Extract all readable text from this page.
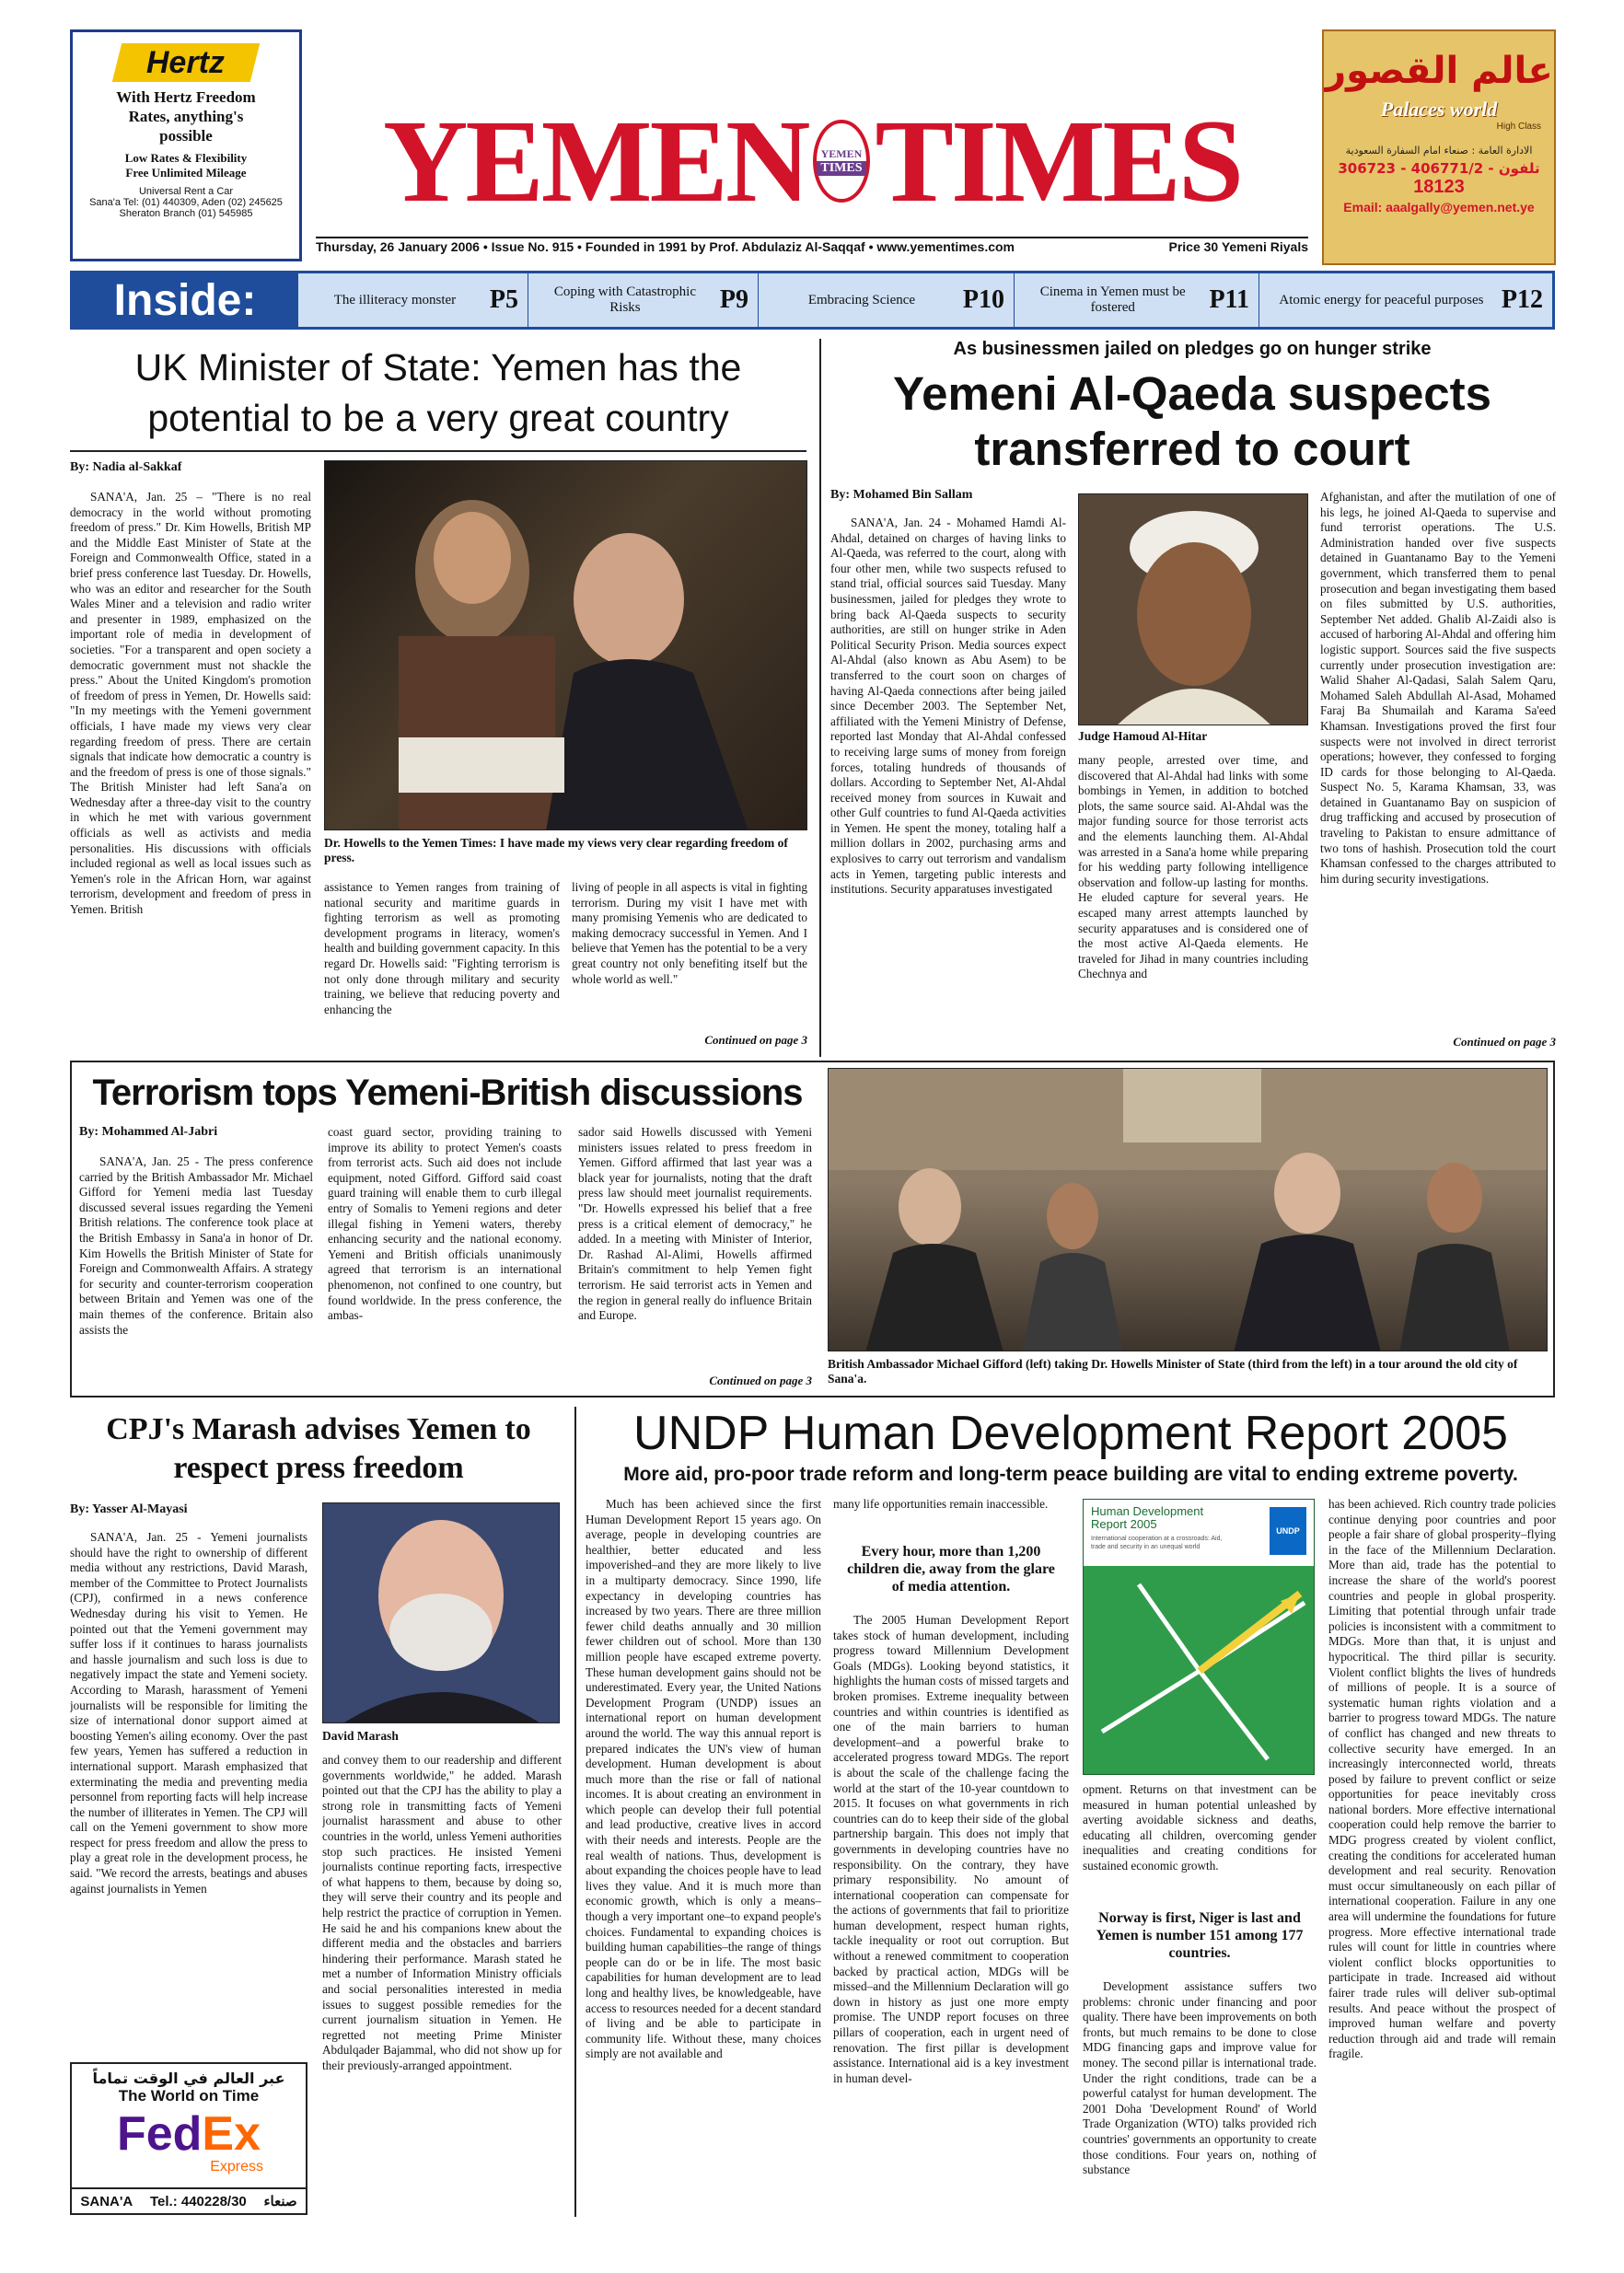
Hertz
With Hertz Freedom Rates, anything's possible
Low Rates & Flexibility Free Unlimited Mileage
Universal Rent a Car
Sana'a Tel: (01) 440309, Aden (02) 245625
Sheraton Branch (01) 545985	YEMEN YEMEN
TIMES TIMES
عالم القصور
Palaces world
High Class
الادارة العامة : صنعاء امام السفارة السعودية
306723 - 406771/2 - تلفون
18123
Email: aaalgally@yemen.net.ye
Thursday, 26 January 2006 • Issue No. 915 • Founded in 1991 by Prof. Abdulaziz Al-Saqqaf • www.yementimes.com	Price 30 Yemeni Riyals
Inside:	The illiteracy monster	P5	Coping with Catastrophic Risks	P9	Embracing Science	P10	Cinema in Yemen must be fostered	P11	Atomic energy for peaceful purposes P12
UK Minister of State: Yemen has the potential to be a very great country
By: Nadia al-Sakkaf

SANA'A, Jan. 25 – "There is no real democracy in the world without promoting freedom of press." Dr. Kim Howells, British MP and the Middle East Minister of State at the Foreign and Commonwealth Office, stated in a brief press conference last Tuesday. Dr. Howells, who was an editor and researcher for the South Wales Miner and a television and radio writer and presenter in 1989, emphasized on the important role of media in development of societies. "For a transparent and open society a democratic government must not shackle the press." About the United Kingdom's promotion of freedom of press in Yemen, Dr. Howells said: "In my meetings with the Yemeni government officials, I have made my views very clear regarding freedom of press. There are certain signals that indicate how democratic a country is and the freedom of press is one of those signals." The British Minister had left Sana'a on Wednesday after a three-day visit to the country in which he met with various government officials as well as activists and media personalities. His discussions with officials included regional as well as local issues such as Yemen's role in the African Horn, war against terrorism, development and freedom of press in Yemen. British

Dr. Howells to the Yemen Times: I have made my views very clear regarding freedom of press.

assistance to Yemen ranges from training of national security and maritime guards in fighting terrorism as well as promoting development programs in literacy, women's health and building government capacity. In this regard Dr. Howells said: "Fighting terrorism is not only done through military and security training, we believe that reducing poverty and enhancing the

living of people in all aspects is vital in fighting terrorism. During my visit I have met with many promising Yemenis who are dedicated to making democracy successful in Yemen. And I believe that Yemen has the potential to be a very great country not only benefiting itself but the whole world as well."

Continued on page 3
As businessmen jailed on pledges go on hunger strike
Yemeni Al-Qaeda suspects transferred to court
By: Mohamed Bin Sallam

SANA'A, Jan. 24 - Mohamed Hamdi Al-Ahdal, detained on charges of having links to Al-Qaeda, was referred to the court, along with four other men, while two suspects refused to stand trial, official sources said Tuesday. Many businessmen, jailed for pledges they wrote to bring back Al-Qaeda suspects to security authorities, are still on hunger strike in Aden Political Security Prison. Media sources expect Al-Ahdal (also known as Abu Asem) to be transferred to the court soon on charges of having Al-Qaeda connections after being jailed since December 2003. The September Net, affiliated with the Yemeni Ministry of Defense, reported last Monday that Al-Ahdal confessed to receiving large sums of money from foreign forces, totaling hundreds of thousands of dollars. According to September Net, Al-Ahdal received money from sources in Kuwait and other Gulf countries to fund Al-Qaeda activities in Yemen. He spent the money, totaling half a million dollars in 2002, purchasing arms and explosives to carry out terrorism and vandalism acts in Yemen, targeting public interests and institutions. Security apparatuses investigated

Judge Hamoud Al-Hitar

many people, arrested over time, and discovered that Al-Ahdal had links with some bombings in Yemen, in addition to botched plots, the same source said. Al-Ahdal was the major funding source for those terrorist acts and the elements launching them. Al-Ahdal was arrested in a Sana'a home while preparing for his wedding party following intelligence observation and follow-up lasting for months. He eluded capture for several years. He escaped many arrest attempts launched by security apparatuses and is considered one of the most active Al-Qaeda elements. He traveled for Jihad in many countries including Chechnya and

Afghanistan, and after the mutilation of one of his legs, he joined Al-Qaeda to supervise and fund terrorist operations. The U.S. Administration handed over five suspects detained in Guantanamo Bay to the Yemeni government, which transferred them to penal prosecution and began investigating them based on files submitted by U.S. authorities, September Net added. Ghalib Al-Zaidi also is accused of harboring Al-Ahdal and offering him logistic support. Sources said the five suspects currently under prosecution investigation are: Walid Shaher Al-Qadasi, Salah Salem Qaru, Mohamed Saleh Abdullah Al-Asad, Mohamed Faraj Ba Shumailah and Karama Sa'eed Khamsan. Investigations proved the first four suspects were not involved in direct terrorist operations; however, they confessed to forging ID cards for those belonging to Al-Qaeda. Suspect No. 5, Karama Khamsan, 33, was detained in Guantanamo Bay on suspicion of drug trafficking and accused by prosecution of traveling to Pakistan to ensure admittance of two tons of hashish. Prosecution told the court Khamsan confessed to the charges attributed to him during security investigations.

Continued on page 3
Terrorism tops Yemeni-British discussions
By: Mohammed Al-Jabri

SANA'A, Jan. 25 - The press conference carried by the British Ambassador Mr. Michael Gifford for Yemeni media last Tuesday discussed several issues regarding the Yemeni British relations. The conference took place at the British Embassy in Sana'a in honor of Dr. Kim Howells the British Minister of State for Foreign and Commonwealth Affairs. A strategy for security and counter-terrorism cooperation between Britain and Yemen was one of the main themes of the conference. Britain also assists the

coast guard sector, providing training to improve its ability to protect Yemen's coasts from terrorist acts. Such aid does not include equipment, noted Gifford. Gifford said coast guard training will enable them to curb illegal entry of Somalis to Yemeni regions and deter illegal fishing in Yemeni waters, thereby enhancing security and the national economy. Yemeni and British officials unanimously agreed that terrorism is an international phenomenon, not confined to one country, but found worldwide. In the press conference, the ambas-

sador said Howells discussed with Yemeni ministers issues related to press freedom in Yemen. Gifford affirmed that last year was a black year for journalists, noting that the draft press law should meet journalist requirements. "Dr. Howells expressed his belief that a free press is a critical element of democracy," he added. In a meeting with Minister of Interior, Dr. Rashad Al-Alimi, Howells affirmed Britain's commitment to help Yemen fight terrorism. He said terrorist acts in Yemen and the region in general really do influence Britain and Europe.

Continued on page 3
British Ambassador Michael Gifford (left) taking Dr. Howells Minister of State (third from the left) in a tour around the old city of Sana'a.
CPJ's Marash advises Yemen to respect press freedom
By: Yasser Al-Mayasi

SANA'A, Jan. 25 - Yemeni journalists should have the right to ownership of different media without any restrictions, David Marash, member of the Committee to Protect Journalists (CPJ), confirmed in a news conference Wednesday during his visit to Yemen. He pointed out that the Yemeni government may suffer loss if it continues to harass journalists and hassle journalism and such loss is due to negatively impact the state and Yemeni society. According to Marash, harassment of Yemeni journalists will be responsible for limiting the size of international donor support aimed at boosting Yemen's ailing economy. Over the past few years, Yemen has suffered a reduction in international support. Marash emphasized that exterminating the media and preventing media personnel from reporting facts will help increase the number of illiterates in Yemen. The CPJ will call on the Yemeni government to show more respect for press freedom and allow the press to play a great role in the development process, he said. "We record the arrests, beatings and abuses against journalists in Yemen

David Marash

and convey them to our readership and different governments worldwide," he added. Marash pointed out that the CPJ has the ability to play a strong role in transmitting facts of Yemeni journalist harassment and abuse to other countries in the world, unless Yemeni authorities stop such practices. He insisted Yemeni journalists continue reporting facts, irrespective of what happens to them, because by doing so, they will serve their country and its people and help restrict the practice of corruption in Yemen. He said he and his companions knew about the different media and the obstacles and barriers hindering their performance. Marash stated he met a number of Information Ministry officials and social personalities interested in media issues to suggest possible remedies for the current journalism situation in Yemen. He regretted not meeting Prime Minister Abdulqader Bajammal, who did not show up for their previously-arranged appointment.

عبر العالم في الوقت تماماً
The World on Time
FedEx
Express
SANA'A Tel.: 440228/30 صنعاء
UNDP Human Development Report 2005
More aid, pro-poor trade reform and long-term peace building are vital to ending extreme poverty.

Much has been achieved since the first Human Development Report 15 years ago. On average, people in developing countries are healthier, better educated and less impoverished–and they are more likely to live in a multiparty democracy. Since 1990, life expectancy in developing countries has increased by two years. There are three million fewer child deaths annually and 30 million fewer children out of school. More than 130 million people have escaped extreme poverty. These human development gains should not be underestimated. Every year, the United Nations Development Program (UNDP) issues an international report on human development around the world. The way this annual report is prepared indicates the UN's view of human development. Human development is about much more than the rise or fall of national incomes. It is about creating an environment in which people can develop their full potential and lead productive, creative lives in accord with their needs and interests. People are the real wealth of nations. Thus, development is about expanding the choices people have to lead lives they value. And it is much more than economic growth, which is only a means–though a very important one–to expand people's choices. Fundamental to expanding choices is building human capabilities–the range of things people can do or be in life. The most basic capabilities for human development are to lead long and healthy lives, be knowledgeable, have access to resources needed for a decent standard of living and be able to participate in community life. Without these, many choices simply are not available and

many life opportunities remain inaccessible.

Every hour, more than 1,200 children die, away from the glare of media attention.

The 2005 Human Development Report takes stock of human development, including progress toward Millennium Development Goals (MDGs). Looking beyond statistics, it highlights the human costs of missed targets and broken promises. Extreme inequality between countries and within countries is identified as one of the main barriers to human development–and a powerful brake to accelerated progress toward MDGs. The report is about the scale of the challenge facing the world at the start of the 10-year countdown to 2015. It focuses on what governments in rich countries can do to keep their side of the global partnership bargain. This does not imply that governments in developing countries have no responsibility. On the contrary, they have primary responsibility. No amount of international cooperation can compensate for the actions of governments that fail to prioritize human development, respect human rights, tackle inequality or root out corruption. But without a renewed commitment to cooperation backed by practical action, MDGs will be missed–and the Millennium Declaration will go down in history as just one more empty promise. The UNDP report focuses on three pillars of cooperation, each in urgent need of renovation. The first pillar is development assistance. International aid is a key investment in human devel-

Human Development Report 2005
International cooperation at a crossroads: Aid, trade and security in an unequal world
UNDP

opment. Returns on that investment can be measured in human potential unleashed by averting avoidable sickness and deaths, educating all children, overcoming gender inequalities and creating conditions for sustained economic growth.

Norway is first, Niger is last and Yemen is number 151 among 177 countries.

Development assistance suffers two problems: chronic under financing and poor quality. There have been improvements on both fronts, but much remains to be done to close MDG financing gaps and improve value for money. The second pillar is international trade. Under the right conditions, trade can be a powerful catalyst for human development. The 2001 Doha 'Development Round' of World Trade Organization (WTO) talks provided rich countries' governments an opportunity to create those conditions. Four years on, nothing of substance

has been achieved. Rich country trade policies continue denying poor countries and poor people a fair share of global prosperity–flying in the face of the Millennium Declaration. More than aid, trade has the potential to increase the share of the world's poorest countries and people in global prosperity. Limiting that potential through unfair trade policies is inconsistent with a commitment to MDGs. More than that, it is unjust and hypocritical. The third pillar is security. Violent conflict blights the lives of hundreds of millions of people. It is a source of systematic human rights violation and a barrier to progress toward MDGs. The nature of conflict has changed and new threats to collective security have emerged. In an increasingly interconnected world, threats posed by failure to prevent conflict or seize opportunities for peace inevitably cross national borders. More effective international cooperation could help remove the barrier to MDG progress created by violent conflict, creating the conditions for accelerated human development and real security. Renovation must occur simultaneously on each pillar of international cooperation. Failure in any one area will undermine the foundations for future progress. More effective international trade rules will count for little in countries where violent conflict blocks opportunities to participate in trade. Increased aid without fairer trade rules will deliver sub-optimal results. And peace without the prospect of improved human welfare and poverty reduction through aid and trade will remain fragile.
